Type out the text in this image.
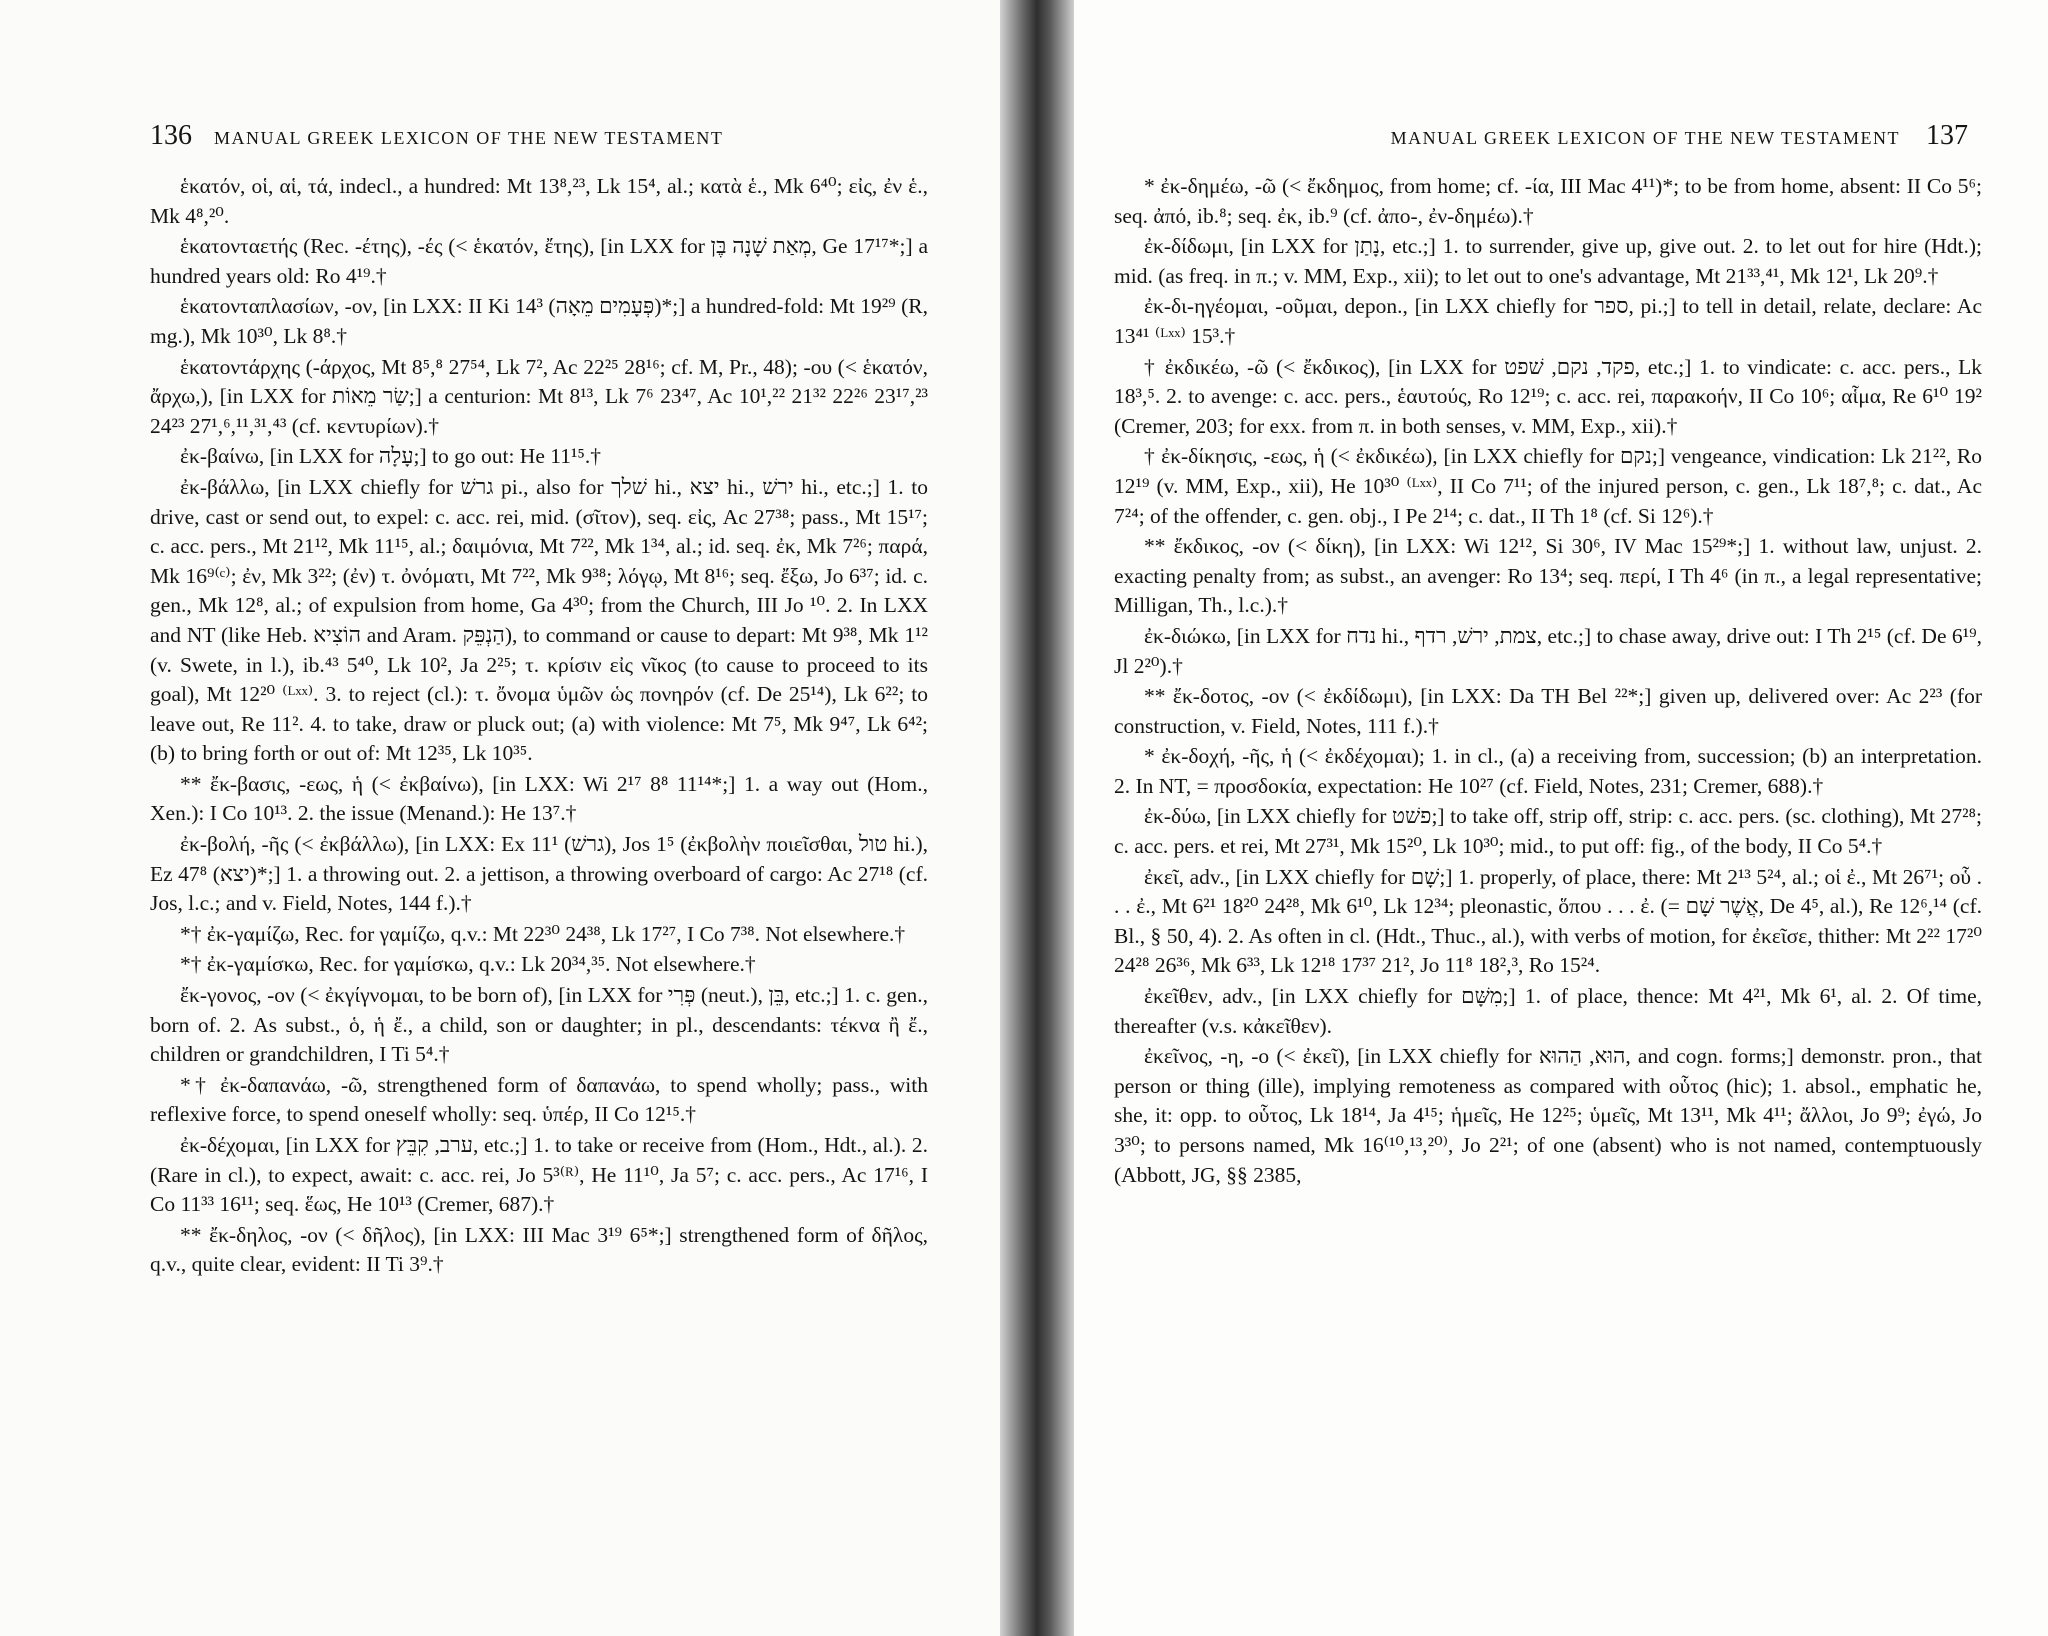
136 MANUAL GREEK LEXICON OF THE NEW TESTAMENT

ἑκατόν, οἱ, αἱ, τά, indecl., a hundred: Mt 13⁸,²³, Lk 15⁴, al.; κατὰ ἑ., Mk 6⁴⁰; εἰς, ἐν ἑ., Mk 4⁸,²⁰.

ἑκατονταετής (Rec. -έτης), -ές (< ἑκατόν, ἔτης), [in LXX for מְאַת שָׁנָה בֶּן, Ge 17¹⁷*;] a hundred years old: Ro 4¹⁹.†

ἑκατονταπλασίων, -ον, [in LXX: II Ki 14³ (פְּעָמִים מֵאָה)*;] a hundred-fold: Mt 19²⁹ (R, mg.), Mk 10³⁰, Lk 8⁸.†

ἑκατοντάρχης (-άρχος, Mt 8⁵,⁸ 27⁵⁴, Lk 7², Ac 22²⁵ 28¹⁶; cf. M, Pr., 48); -ου (< ἑκατόν, ἄρχω,), [in LXX for שַׂר מֵאוֹת;] a centurion: Mt 8¹³, Lk 7⁶ 23⁴⁷, Ac 10¹,²² 21³² 22²⁶ 23¹⁷,²³ 24²³ 27¹,⁶,¹¹,³¹,⁴³ (cf. κεντυρίων).†

ἐκ-βαίνω, [in LXX for עָלָה;] to go out: He 11¹⁵.†

ἐκ-βάλλω, [in LXX chiefly for גרשׁ pi., also for שׁלך hi., יצא hi., ירשׁ hi., etc.;] 1. to drive, cast or send out, to expel: c. acc. rei, mid. (σῖτον), seq. εἰς, Ac 27³⁸; pass., Mt 15¹⁷; c. acc. pers., Mt 21¹², Mk 11¹⁵, al.; δαιμόνια, Mt 7²², Mk 1³⁴, al.; id. seq. ἐκ, Mk 7²⁶; παρά, Mk 16⁹⁽ᶜ⁾; ἐν, Mk 3²²; (ἐν) τ. ὀνόματι, Mt 7²², Mk 9³⁸; λόγῳ, Mt 8¹⁶; seq. ἔξω, Jo 6³⁷; id. c. gen., Mk 12⁸, al.; of expulsion from home, Ga 4³⁰; from the Church, III Jo ¹⁰. 2. In LXX and NT (like Heb. הוֹצִיא and Aram. הַנְפֵּק), to command or cause to depart: Mt 9³⁸, Mk 1¹² (v. Swete, in l.), ib.⁴³ 5⁴⁰, Lk 10², Ja 2²⁵; τ. κρίσιν εἰς νῖκος (to cause to proceed to its goal), Mt 12²⁰ ⁽ᴸˣˣ⁾. 3. to reject (cl.): τ. ὄνομα ὑμῶν ὡς πονηρόν (cf. De 25¹⁴), Lk 6²²; to leave out, Re 11². 4. to take, draw or pluck out; (a) with violence: Mt 7⁵, Mk 9⁴⁷, Lk 6⁴²; (b) to bring forth or out of: Mt 12³⁵, Lk 10³⁵.

** ἔκ-βασις, -εως, ἡ (< ἐκβαίνω), [in LXX: Wi 2¹⁷ 8⁸ 11¹⁴*;] 1. a way out (Hom., Xen.): I Co 10¹³. 2. the issue (Menand.): He 13⁷.†

ἐκ-βολή, -ῆς (< ἐκβάλλω), [in LXX: Ex 11¹ (גרשׁ), Jos 1⁵ (ἐκβολὴν ποιεῖσθαι, טול hi.), Ez 47⁸ (יצא)*;] 1. a throwing out. 2. a jettison, a throwing overboard of cargo: Ac 27¹⁸ (cf. Jos, l.c.; and v. Field, Notes, 144 f.).†

*† ἐκ-γαμίζω, Rec. for γαμίζω, q.v.: Mt 22³⁰ 24³⁸, Lk 17²⁷, I Co 7³⁸. Not elsewhere.†

*† ἐκ-γαμίσκω, Rec. for γαμίσκω, q.v.: Lk 20³⁴,³⁵. Not elsewhere.†

ἔκ-γονος, -ον (< ἐκγίγνομαι, to be born of), [in LXX for פְּרִי (neut.), בֵּן, etc.;] 1. c. gen., born of. 2. As subst., ὁ, ἡ ἔ., a child, son or daughter; in pl., descendants: τέκνα ἢ ἔ., children or grandchildren, I Ti 5⁴.†

*† ἐκ-δαπανάω, -ῶ, strengthened form of δαπανάω, to spend wholly; pass., with reflexive force, to spend oneself wholly: seq. ὑπέρ, II Co 12¹⁵.†

ἐκ-δέχομαι, [in LXX for ערב, קִבֵּץ, etc.;] 1. to take or receive from (Hom., Hdt., al.). 2. (Rare in cl.), to expect, await: c. acc. rei, Jo 5³⁽ᴿ⁾, He 11¹⁰, Ja 5⁷; c. acc. pers., Ac 17¹⁶, I Co 11³³ 16¹¹; seq. ἕως, He 10¹³ (Cremer, 687).†

** ἔκ-δηλος, -ον (< δῆλος), [in LXX: III Mac 3¹⁹ 6⁵*;] strengthened form of δῆλος, q.v., quite clear, evident: II Ti 3⁹.†

MANUAL GREEK LEXICON OF THE NEW TESTAMENT 137

* ἐκ-δημέω, -ῶ (< ἔκδημος, from home; cf. -ία, III Mac 4¹¹)*; to be from home, absent: II Co 5⁶; seq. ἀπό, ib.⁸; seq. ἐκ, ib.⁹ (cf. ἀπο-, ἐν-δημέω).†

ἐκ-δίδωμι, [in LXX for נָתַן, etc.;] 1. to surrender, give up, give out. 2. to let out for hire (Hdt.); mid. (as freq. in π.; v. MM, Exp., xii); to let out to one's advantage, Mt 21³³,⁴¹, Mk 12¹, Lk 20⁹.†

ἐκ-δι-ηγέομαι, -οῦμαι, depon., [in LXX chiefly for ספר, pi.;] to tell in detail, relate, declare: Ac 13⁴¹ ⁽ᴸˣˣ⁾ 15³.†

† ἐκδικέω, -ῶ (< ἔκδικος), [in LXX for פקד, נקם, שׁפט, etc.;] 1. to vindicate: c. acc. pers., Lk 18³,⁵. 2. to avenge: c. acc. pers., ἑαυτούς, Ro 12¹⁹; c. acc. rei, παρακοήν, II Co 10⁶; αἷμα, Re 6¹⁰ 19² (Cremer, 203; for exx. from π. in both senses, v. MM, Exp., xii).†

† ἐκ-δίκησις, -εως, ἡ (< ἐκδικέω), [in LXX chiefly for נקם;] vengeance, vindication: Lk 21²², Ro 12¹⁹ (v. MM, Exp., xii), He 10³⁰ ⁽ᴸˣˣ⁾, II Co 7¹¹; of the injured person, c. gen., Lk 18⁷,⁸; c. dat., Ac 7²⁴; of the offender, c. gen. obj., I Pe 2¹⁴; c. dat., II Th 1⁸ (cf. Si 12⁶).†

** ἔκδικος, -ον (< δίκη), [in LXX: Wi 12¹², Si 30⁶, IV Mac 15²⁹*;] 1. without law, unjust. 2. exacting penalty from; as subst., an avenger: Ro 13⁴; seq. περί, I Th 4⁶ (in π., a legal representative; Milligan, Th., l.c.).†

ἐκ-διώκω, [in LXX for נדח hi., צמת, ירשׁ, רדף, etc.;] to chase away, drive out: I Th 2¹⁵ (cf. De 6¹⁹, Jl 2²⁰).†

** ἔκ-δοτος, -ον (< ἐκδίδωμι), [in LXX: Da TH Bel ²²*;] given up, delivered over: Ac 2²³ (for construction, v. Field, Notes, 111 f.).†

* ἐκ-δοχή, -ῆς, ἡ (< ἐκδέχομαι); 1. in cl., (a) a receiving from, succession; (b) an interpretation. 2. In NT, = προσδοκία, expectation: He 10²⁷ (cf. Field, Notes, 231; Cremer, 688).†

ἐκ-δύω, [in LXX chiefly for פשׁט;] to take off, strip off, strip: c. acc. pers. (sc. clothing), Mt 27²⁸; c. acc. pers. et rei, Mt 27³¹, Mk 15²⁰, Lk 10³⁰; mid., to put off: fig., of the body, II Co 5⁴.†

ἐκεῖ, adv., [in LXX chiefly for שָׁם;] 1. properly, of place, there: Mt 2¹³ 5²⁴, al.; οἱ ἐ., Mt 26⁷¹; οὗ . . . ἐ., Mt 6²¹ 18²⁰ 24²⁸, Mk 6¹⁰, Lk 12³⁴; pleonastic, ὅπου . . . ἐ. (= אֲשֶׁר שָׁם, De 4⁵, al.), Re 12⁶,¹⁴ (cf. Bl., § 50, 4). 2. As often in cl. (Hdt., Thuc., al.), with verbs of motion, for ἐκεῖσε, thither: Mt 2²² 17²⁰ 24²⁸ 26³⁶, Mk 6³³, Lk 12¹⁸ 17³⁷ 21², Jo 11⁸ 18²,³, Ro 15²⁴.

ἐκεῖθεν, adv., [in LXX chiefly for מִשָּׁם;] 1. of place, thence: Mt 4²¹, Mk 6¹, al. 2. Of time, thereafter (v.s. κἀκεῖθεν).

ἐκεῖνος, -η, -ο (< ἐκεῖ), [in LXX chiefly for הוּא, הַהוּא, and cogn. forms;] demonstr. pron., that person or thing (ille), implying remoteness as compared with οὗτος (hic); 1. absol., emphatic he, she, it: opp. to οὗτος, Lk 18¹⁴, Ja 4¹⁵; ἡμεῖς, He 12²⁵; ὑμεῖς, Mt 13¹¹, Mk 4¹¹; ἄλλοι, Jo 9⁹; ἐγώ, Jo 3³⁰; to persons named, Mk 16⁽¹⁰,¹³,²⁰⁾, Jo 2²¹; of one (absent) who is not named, contemptuously (Abbott, JG, §§ 2385,
